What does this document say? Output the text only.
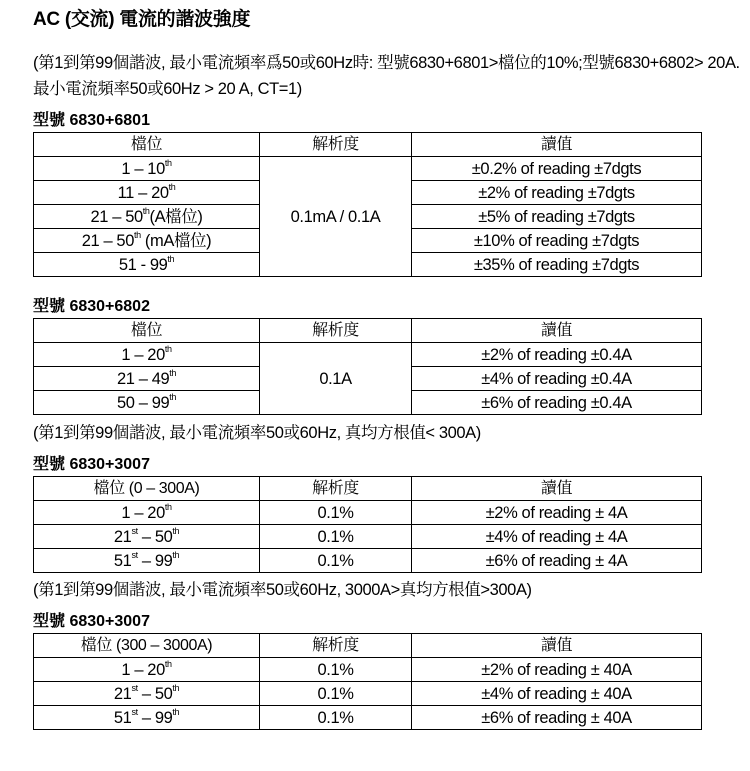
AC (交流) 電流的諧波強度
(第1到第99個諧波, 最小電流頻率爲50或60Hz時: 型號6830+6801>檔位的10%;型號6830+6802> 20A. 最小電流頻率50或60Hz > 20 A, CT=1)
型號 6830+6801
檔位	解析度	讀值
1 – 10th	0.1mA / 0.1A	±0.2% of reading ±7dgts
11 – 20th		±2% of reading ±7dgts
21 – 50th(A檔位)		±5% of reading ±7dgts
21 – 50th (mA檔位)		±10% of reading ±7dgts
51 - 99th		±35% of reading ±7dgts
型號 6830+6802
檔位	解析度	讀值
1 – 20th	0.1A	±2% of reading ±0.4A
21 – 49th		±4% of reading ±0.4A
50 – 99th		±6% of reading ±0.4A
(第1到第99個諧波, 最小電流頻率50或60Hz, 真均方根值< 300A)
型號 6830+3007
檔位 (0 – 300A)	解析度	讀值
1 – 20th	0.1%	±2% of reading ± 4A
21st – 50th	0.1%	±4% of reading ± 4A
51st – 99th	0.1%	±6% of reading ± 4A
(第1到第99個諧波, 最小電流頻率50或60Hz, 3000A>真均方根值>300A)
型號 6830+3007
檔位 (300 – 3000A)	解析度	讀值
1 – 20th	0.1%	±2% of reading ± 40A
21st – 50th	0.1%	±4% of reading ± 40A
51st – 99th	0.1%	±6% of reading ± 40A
